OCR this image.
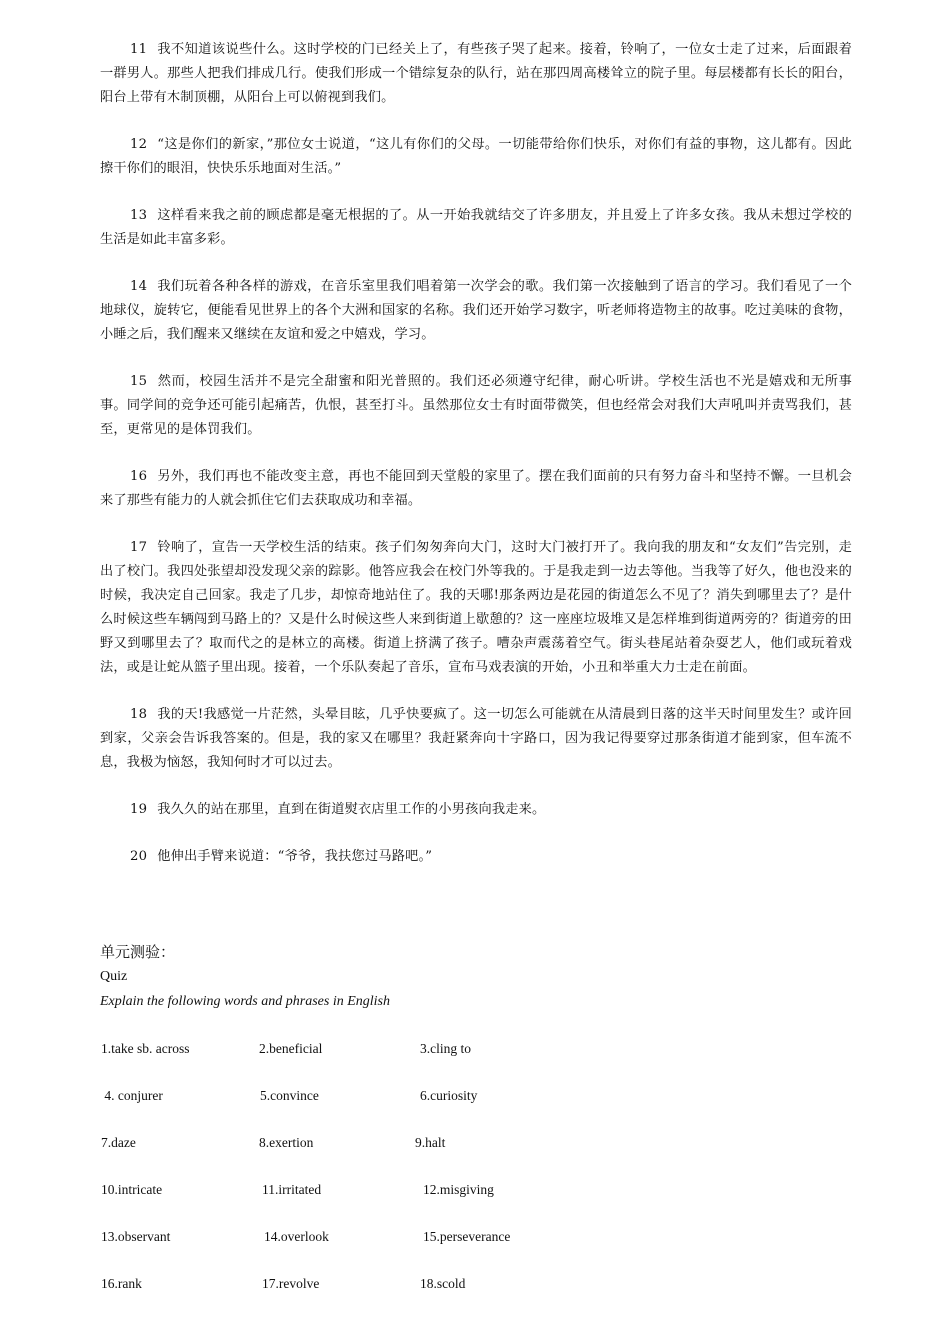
11 我不知道该说些什么。这时学校的门已经关上了，有些孩子哭了起来。接着，铃响了，一位女士走了过来，后面跟着一群男人。那些人把我们排成几行。使我们形成一个错综复杂的队行，站在那四周高楼耸立的院子里。每层楼都有长长的阳台，阳台上带有木制顶棚，从阳台上可以俯视到我们。

12 “这是你们的新家，”那位女士说道，“这儿有你们的父母。一切能带给你们快乐，对你们有益的事物，这儿都有。因此擦干你们的眼泪，快快乐乐地面对生活。”

13 这样看来我之前的顾虑都是毫无根据的了。从一开始我就结交了许多朋友，并且爱上了许多女孩。我从未想过学校的生活是如此丰富多彩。

14 我们玩着各种各样的游戏，在音乐室里我们唱着第一次学会的歌。我们第一次接触到了语言的学习。我们看见了一个地球仪，旋转它，便能看见世界上的各个大洲和国家的名称。我们还开始学习数字，听老师将造物主的故事。吃过美味的食物，小睡之后，我们醒来又继续在友谊和爱之中嬉戏，学习。

15 然而，校园生活并不是完全甜蜜和阳光普照的。我们还必须遵守纪律，耐心听讲。学校生活也不光是嬉戏和无所事事。同学间的竞争还可能引起痛苦，仇恨，甚至打斗。虽然那位女士有时面带微笑，但也经常会对我们大声吼叫并责骂我们，甚至，更常见的是体罚我们。

16 另外，我们再也不能改变主意，再也不能回到天堂般的家里了。摆在我们面前的只有努力奋斗和坚持不懈。一旦机会来了那些有能力的人就会抓住它们去获取成功和幸福。

17 铃响了，宣告一天学校生活的结束。孩子们匆匆奔向大门，这时大门被打开了。我向我的朋友和“女友们”告完别，走出了校门。我四处张望却没发现父亲的踪影。他答应我会在校门外等我的。于是我走到一边去等他。当我等了好久，他也没来的时候，我决定自己回家。我走了几步，却惊奇地站住了。我的天哪!那条两边是花园的街道怎么不见了？消失到哪里去了？是什么时候这些车辆闯到马路上的？又是什么时候这些人来到街道上歇憩的？这一座座垃圾堆又是怎样堆到街道两旁的？街道旁的田野又到哪里去了？取而代之的是林立的高楼。街道上挤满了孩子。嘈杂声震荡着空气。街头巷尾站着杂耍艺人，他们或玩着戏法，或是让蛇从篮子里出现。接着，一个乐队奏起了音乐，宣布马戏表演的开始，小丑和举重大力士走在前面。

18 我的天!我感觉一片茫然，头晕目眩，几乎快要疯了。这一切怎么可能就在从清晨到日落的这半天时间里发生？或许回到家，父亲会告诉我答案的。但是，我的家又在哪里？我赶紧奔向十字路口，因为我记得要穿过那条街道才能到家，但车流不息，我极为恼怒，我知何时才可以过去。

19 我久久的站在那里，直到在街道熨衣店里工作的小男孩向我走来。

20 他伸出手臂来说道：“爷爷，我扶您过马路吧。”

单元测验：
Quiz
Explain the following words and phrases in English
1.take sb. across	2.beneficial	3.cling to
4. conjurer	5.convince	6.curiosity
7.daze	8.exertion	9.halt
10.intricate	11.irritated	12.misgiving
13.observant	14.overlook	15.perseverance
16.rank	17.revolve	18.scold
